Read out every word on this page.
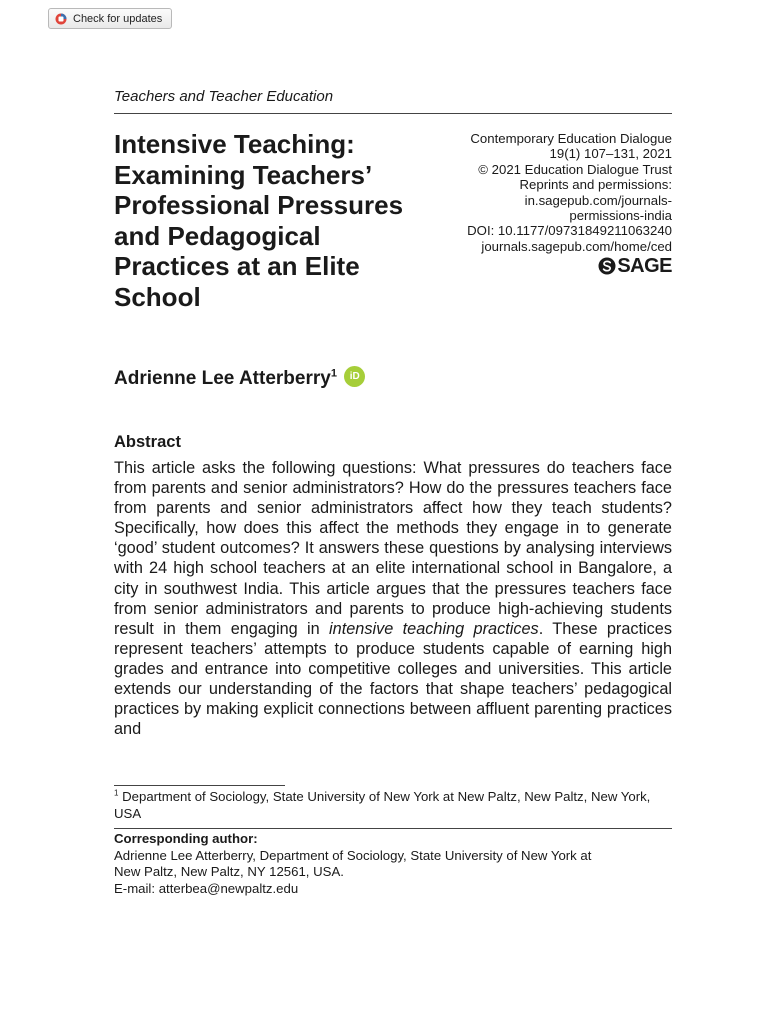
Check for updates
Teachers and Teacher Education
Intensive Teaching:
Examining Teachers’
Professional Pressures
and Pedagogical
Practices at an Elite
School
Contemporary Education Dialogue
19(1) 107–131, 2021
© 2021 Education Dialogue Trust
Reprints and permissions:
in.sagepub.com/journals-
permissions-india
DOI: 10.1177/09731849211063240
journals.sagepub.com/home/ced
SAGE
Adrienne Lee Atterberry$^1$ iD
Abstract

This article asks the following questions: What pressures do teachers face from parents and senior administrators? How do the pressures teachers face from parents and senior administrators affect how they teach students? Specifically, how does this affect the methods they engage in to generate ‘good’ student outcomes? It answers these questions by analysing interviews with 24 high school teachers at an elite international school in Bangalore, a city in southwest India. This article argues that the pressures teachers face from senior administrators and parents to produce high-achieving students result in them engaging in intensive teaching practices. These practices represent teachers’ attempts to produce students capable of earning high grades and entrance into competitive colleges and universities. This article extends our understanding of the factors that shape teachers’ pedagogical practices by making explicit connections between affluent parenting practices and

$^1$ Department of Sociology, State University of New York at New Paltz, New Paltz, New York, USA

Corresponding author:
Adrienne Lee Atterberry, Department of Sociology, State University of New York at
New Paltz, New Paltz, NY 12561, USA.
E-mail: atterbea@newpaltz.edu
